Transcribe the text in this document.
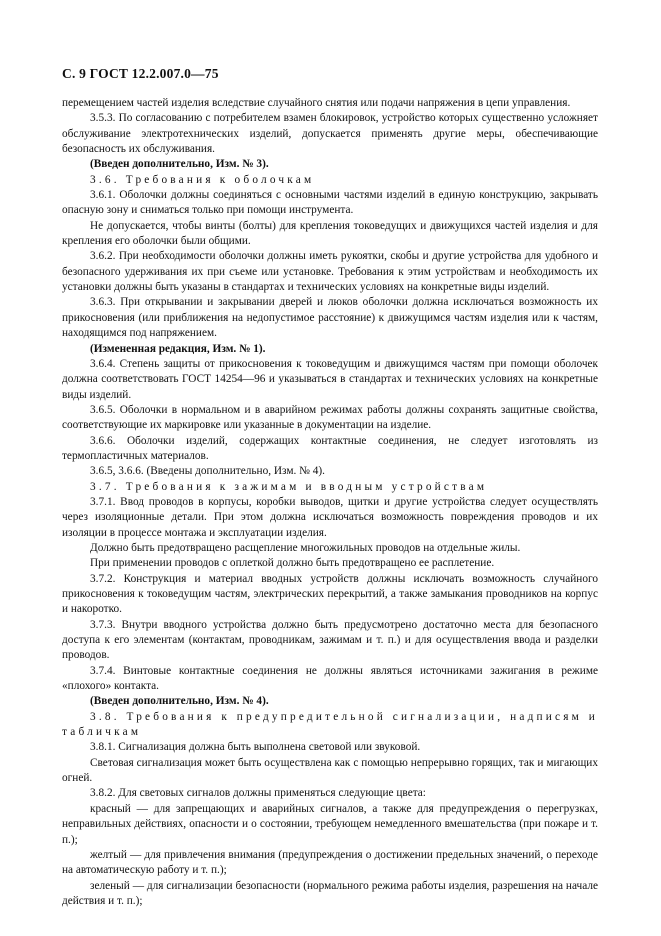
С. 9 ГОСТ 12.2.007.0—75

перемещением частей изделия вследствие случайного снятия или подачи напряжения в цепи управления.

3.5.3. По согласованию с потребителем взамен блокировок, устройство которых существенно усложняет обслуживание электротехнических изделий, допускается применять другие меры, обеспечивающие безопасность их обслуживания.

(Введен дополнительно, Изм. № 3).

3.6. Требования к оболочкам

3.6.1. Оболочки должны соединяться с основными частями изделий в единую конструкцию, закрывать опасную зону и сниматься только при помощи инструмента.

Не допускается, чтобы винты (болты) для крепления токоведущих и движущихся частей изделия и для крепления его оболочки были общими.

3.6.2. При необходимости оболочки должны иметь рукоятки, скобы и другие устройства для удобного и безопасного удерживания их при съеме или установке. Требования к этим устройствам и необходимость их установки должны быть указаны в стандартах и технических условиях на конкретные виды изделий.

3.6.3. При открывании и закрывании дверей и люков оболочки должна исключаться возможность их прикосновения (или приближения на недопустимое расстояние) к движущимся частям изделия или к частям, находящимся под напряжением.

(Измененная редакция, Изм. № 1).

3.6.4. Степень защиты от прикосновения к токоведущим и движущимся частям при помощи оболочек должна соответствовать ГОСТ 14254—96 и указываться в стандартах и технических условиях на конкретные виды изделий.

3.6.5. Оболочки в нормальном и в аварийном режимах работы должны сохранять защитные свойства, соответствующие их маркировке или указанные в документации на изделие.

3.6.6. Оболочки изделий, содержащих контактные соединения, не следует изготовлять из термопластичных материалов.

3.6.5, 3.6.6. (Введены дополнительно, Изм. № 4).

3.7. Требования к зажимам и вводным устройствам

3.7.1. Ввод проводов в корпусы, коробки выводов, щитки и другие устройства следует осуществлять через изоляционные детали. При этом должна исключаться возможность повреждения проводов и их изоляции в процессе монтажа и эксплуатации изделия.

Должно быть предотвращено расщепление многожильных проводов на отдельные жилы.

При применении проводов с оплеткой должно быть предотвращено ее расплетение.

3.7.2. Конструкция и материал вводных устройств должны исключать возможность случайного прикосновения к токоведущим частям, электрических перекрытий, а также замыкания проводников на корпус и накоротко.

3.7.3. Внутри вводного устройства должно быть предусмотрено достаточно места для безопасного доступа к его элементам (контактам, проводникам, зажимам и т. п.) и для осуществления ввода и разделки проводов.

3.7.4. Винтовые контактные соединения не должны являться источниками зажигания в режиме «плохого» контакта.

(Введен дополнительно, Изм. № 4).

3.8. Требования к предупредительной сигнализации, надписям и табличкам

3.8.1. Сигнализация должна быть выполнена световой или звуковой.

Световая сигнализация может быть осуществлена как с помощью непрерывно горящих, так и мигающих огней.

3.8.2. Для световых сигналов должны применяться следующие цвета:

красный — для запрещающих и аварийных сигналов, а также для предупреждения о перегрузках, неправильных действиях, опасности и о состоянии, требующем немедленного вмешательства (при пожаре и т. п.);

желтый — для привлечения внимания (предупреждения о достижении предельных значений, о переходе на автоматическую работу и т. п.);

зеленый — для сигнализации безопасности (нормального режима работы изделия, разрешения на начале действия и т. п.);
